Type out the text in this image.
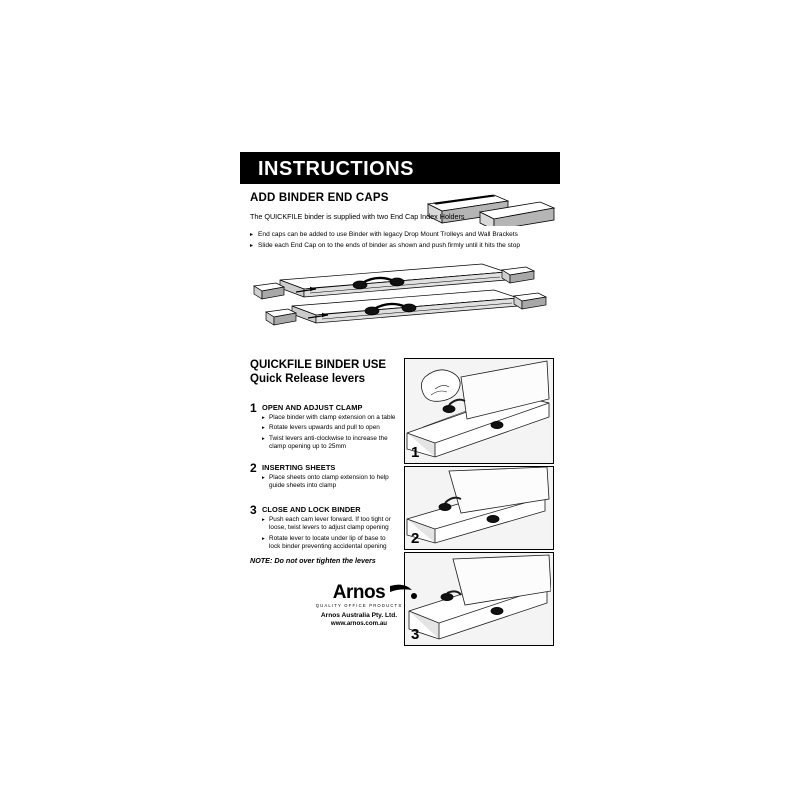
INSTRUCTIONS
ADD BINDER END CAPS
The QUICKFILE binder is supplied with two End Cap Index Holders
▸ End caps can be added to use Binder with legacy Drop Mount Trolleys and Wall Brackets
▸ Slide each End Cap on to the ends of binder as shown and push firmly until it hits the stop
QUICKFILE BINDER USE
Quick Release levers
1 OPEN AND ADJUST CLAMP
▸ Place binder with clamp extension on a table
▸ Rotate levers upwards and pull to open
▸ Twist levers anti-clockwise to increase the clamp opening up to 25mm
2 INSERTING SHEETS
▸ Place sheets onto clamp extension to help guide sheets into clamp
3 CLOSE AND LOCK BINDER
▸ Push each cam lever forward. If too tight or loose, twist levers to adjust clamp opening
▸ Rotate lever to locate under lip of base to lock binder preventing accidental opening
NOTE: Do not over tighten the levers
1
2
3
Arnos
QUALITY OFFICE PRODUCTS
Arnos Australia Pty. Ltd.
www.arnos.com.au
